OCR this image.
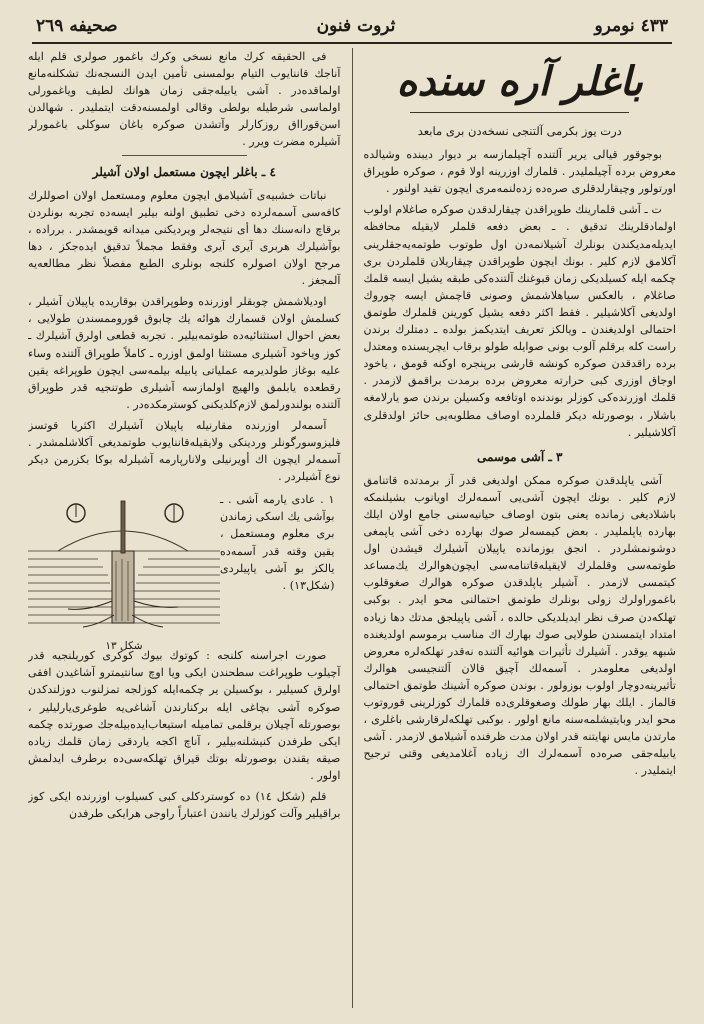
٤٣٣ نومرو
ثروت فنون
صحيفه ٢٦٩
باغلر آره سنده
درت يوز بكرمى آلتنجى نسخه‌دن برى مابعد

بوجوقور قيالى يرير آلتنده آچيلمازسه بر ديوار ديبنده وشيالده معروض برده آچيلمليدر . قلمارك اوزرينه اولا قوم ، صوكره طوپراق اورتولور وچيقارلدقلرى صره‌ده زده‌لنمه‌مرى ايچون تقيد اولنور .

ت ـ آشى قلمارينك طوپراقدن چيقارلدقدن صوكره صاغلام اولوب اولمادقلرينك تدقيق . ـ بعض دفعه قلملر لايقيله محافظه ايديله‌مديكندن بونلرك آشيلانمه‌دن اول طوتوب طوتمه‌يه‌جقلرينى آكلامق لازم كلير . بونك ايچون طوپراقدن چيقاريلان قلملردن برى چكمه ايله كسيلديكى زمان قبوغنك آلتنده‌كى طبقه يشيل ايسه قلمك صاغلام ، بالعكس سياهلاشمش وصونى قاچمش ايسه چوروك اولديغى آكلاشيلير . فقط اكثر دفعه يشيل كورينن قلملرك طوتمق احتمالى اولديغندن ـ ويالكز تعريف ايتديكمز بولده ـ دمتلرك برندن راست كله برقلم آلوب بونى صوايله طولو برقاب ايچريسنده ومعتدل برده راقدقدن صوكره كونشه قارشى برپنجره اوكنه قومق ، ياخود اوجاق اوزرى كبى حرارته معروض برده برمدت براقمق لازمدر . قلمك اوزرنده‌كى كوزلر بوندنده اوتافعه وكسيلن برندن صو يارلامغه باشلار ، بوصورتله ديكر قلملرده اوصاف مطلوبه‌يى حائز اولدقلرى آكلاشيلير .

٣ ـ آشى موسمى

آشى ياپلدقدن صوكره ممكن اولديغى قدر آز برمدتده قاتنامق لازم كلير . بونك ايچون آشى‌يى آسمه‌لرك اويانوب بشيلنمكه باشلاديغى زمانده يعنى بتون اوصاف حيانيه‌سنى جامع اولان ايلك بهارده ياپلمليدر . بعض كيمسه‌لر صوك بهارده دخى آشى ياپمغى دوشونمشلردر . انجق بوزمانده ياپيلان آشيلرك قيشدن اول طوتمه‌سى وقلملرك لايقيله‌قاتنامه‌سى ايچون‌هوالرك يك‌مساعد كيتمسى لازمدر . آشيلر ياپلدقدن صوكره هوالرك صغوقلوب باغموراولرك زولى بونلرك طوتمق احتمالنى محو ايدر . بوكبى تهلكه‌دن صرف نظر ايديلديكى حالده ، آشى ياپيلجق مدتك دها زياده امتداد ايتمسندن طولايى صوك بهارك اك مناسب برموسم اولديغنده شبهه يوقدر . آشيلرك تأثيرات هوائيه آلتنده نه‌قدر تهلكه‌لره معروض اولديغى معلومدر . آسمه‌لك آچيق قالان آلتنجيسى هوالرك تأثيرينه‌دوچار اولوب بوزولور . بوندن صوكره آشينك طوتمق احتمالى قالماز . ايلك بهار طولك وصغوقلرى‌ده قلمارك كوزلرينى قوروتوب محو ايدر وبايتيشلمه‌سنه مانع اولور . بوكبى تهلكه‌لرقارشى باغلرى ، مارتدن مايس نهايتنه قدر اولان مدت ظرفنده آشيلامق لازمدر . آشى يابيله‌جقى صره‌ده آسمه‌لرك اك زياده آغلامديغى وقتى ترجيح ايتمليدر .

فى الحقيقه كرك مانع نسخى وكرك باغمور صولرى قلم ايله آناجك قاننايوب التيام بولمسنى تأمين ايدن النسجه‌نك تشكلنه‌مانع اولماقده‌در . آشى يابيله‌جقى زمان هوانك لطيف وياغمورلى اولماسى شرطيله بولطى وقالى اولمسنه‌دقت ايتمليدر . شهالدن اسن‌قورااق روزكارلر وآتشدن صوكره باغان سوكلى باغمورلر آشيلره مضرت ويرر .

٤ ـ باغلر ايچون مستعمل اولان آشيلر

نباتات خشبيه‌ى آشيلامق ايچون معلوم ومستعمل اولان اصوللرك كافه‌سى آسمه‌لرده دخى تطبيق اولنه بيلير ايسه‌ده تجربه بونلردن برقاچ دانه‌سنك دها أى نتيجه‌لر ويرديكنى ميدانه قويمشدر . برراده ، بوآشيلرك هربرى آيرى آيرى وفقط مجملاً تدقيق ايده‌جكز ، دها مرجح اولان اصولره كلنجه بونلرى الطبع مفصلاً نظر مطالعه‌يه آلمجغز .

اوديلاشمش چوبقلر اوزرنده وطوپراقدن بوقاريده ياپيلان آشيلر ، كسلمش اولان قسمارك هوائه يك چابوق قوروممسندن طولايى ، بعض احوال استثنائيه‌ده طوتمه‌بيلير . تجربه قطعى اولرق آشيلرك ـ كوز وياخود آشيلرى مستثنا اولمق اوزره ـ كاملاً طوپراق آلتنده وساء عليه بوغاز طولديرمه عملياتى يابيله بيلمه‌سى ايچون طوپراغه يقين رقطعده يابلمق والهيچ اولمازسه آشيلرى طوتنجيه قدر طوپراق آلتنده بولندورلمق لازم‌كلديكنى كوسترمكده‌در .

آسمه‌لر اوزرنده مقارنيله ياپيلان آشيلرك اكثريا قوتسز فليزوسورگونلر وردينكى ولايقيله‌قاننايوب طوتمديغى آكلاشلمشدر . آسمه‌لر ايچون اك أويرنيلى ولانارپارمه آشيلرله بوكا بكزرمن ديكر نوع آشيلردر .

شكل ١٣
١ . عادى يارمه آشى . ـ بوآشى يك اسكى زماندن برى معلوم ومستعمل ، يقين وقته قدر آسمه‌ده يالكز بو آشى ياپيلردى (شكل١٣) .

صورت اجراسنه كلنجه : كوتوك بيوك كوكرى كوريلنجيه قدر آچيلوب طوپراغت سطحندن ايكى ويا اوچ سانتيمترو آشاغيدن افقى اولرق كسيلير ، بوكسيلن ير چكمه‌ايله كوزلجه تمزلنوب دوزلندكدن صوكره آشى بچاغى ايله بركنارندن آشاغى‌يه طوغرى‌يارليلير ، بوصورتله آچيلان برقلمى تماميله استيعاب‌ايده‌بيله‌جك صورتده چكمه ايكى طرفدن كنيشلنه‌بيلير ، آناچ اكجه ياردقى زمان قلمك زياده صيقه يقندن بوصورتله بوتك قيراق تهلكه‌سى‌ده برطرف ايدلمش اولور .

قلم (شكل ١٤) ده كوستردكلى كبى كسيلوب اوزرنده ايكى كوز براقيلير وآلت كوزلرك يانندن اعتباراً راوجى هرايكى طرفدن
